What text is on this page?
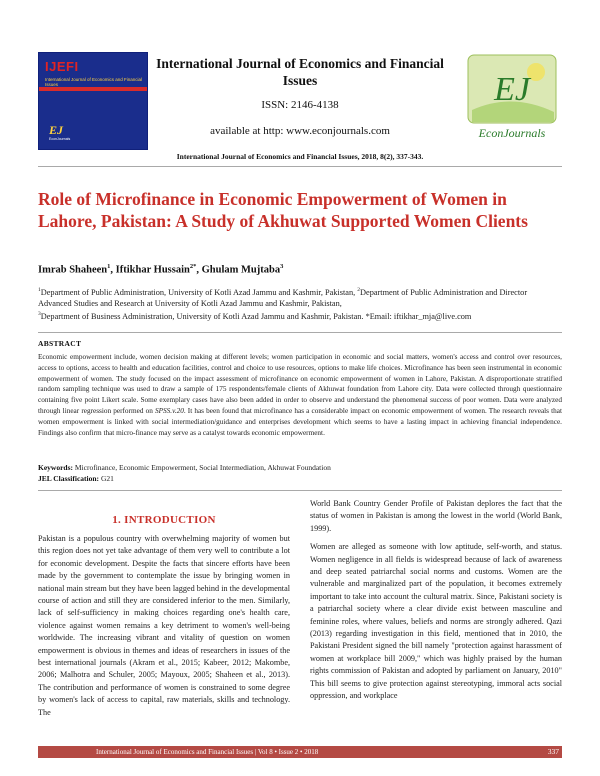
IJEFI
International Journal of Economics and Financial Issues
EJ
EconJournals
International Journal of Economics and Financial Issues
ISSN: 2146-4138
available at http: www.econjournals.com
International Journal of Economics and Financial Issues, 2018, 8(2), 337-343.
EJ
EconJournals
Role of Microfinance in Economic Empowerment of Women in Lahore, Pakistan: A Study of Akhuwat Supported Women Clients
Imrab Shaheen$^1$, Iftikhar Hussain$^{2*}$, Ghulam Mujtaba$^3$
$^1$Department of Public Administration, University of Kotli Azad Jammu and Kashmir, Pakistan, $^2$Department of Public Administration and Director Advanced Studies and Research at University of Kotli Azad Jammu and Kashmir, Pakistan,
$^3$Department of Business Administration, University of Kotli Azad Jammu and Kashmir, Pakistan. *Email: iftikhar_mja@live.com
ABSTRACT
Economic empowerment include, women decision making at different levels; women participation in economic and social matters, women's access and control over resources, access to options, access to health and education facilities, control and choice to use resources, options to make life choices. Microfinance has been seen instrumental in economic empowerment of women. The study focused on the impact assessment of microfinance on economic empowerment of women in Lahore, Pakistan. A disproportionate stratified random sampling technique was used to draw a sample of 175 respondents/female clients of Akhuwat foundation from Lahore city. Data were collected through questionnaire containing five point Likert scale. Some exemplary cases have also been added in order to observe and understand the phenomenal success of poor women. Data were analyzed through linear regression performed on SPSS.v.20. It has been found that microfinance has a considerable impact on economic empowerment of women. The research reveals that women empowerment is linked with social intermediation/guidance and enterprises development which seems to have a lasting impact in achieving financial independence. Findings also confirm that micro-finance may serve as a catalyst towards economic empowerment.
Keywords: Microfinance, Economic Empowerment, Social Intermediation, Akhuwat Foundation
JEL Classification: G21

World Bank Country Gender Profile of Pakistan deplores the fact that the status of women in Pakistan is among the lowest in the world (World Bank, 1999).

Women are alleged as someone with low aptitude, self-worth, and status. Women negligence in all fields is widespread because of lack of awareness and deep seated patriarchal social norms and customs. Women are the vulnerable and marginalized part of the population, it becomes extremely important to take into account the cultural matrix. Since, Pakistani society is a patriarchal society where a clear divide exist between masculine and feminine roles, where values, beliefs and norms are strongly adhered. Qazi (2013) regarding investigation in this field, mentioned that in 2010, the Pakistani President signed the bill namely "protection against harassment of women at workplace bill 2009," which was highly praised by the human rights commission of Pakistan and adopted by parliament on January, 2010" This bill seems to give protection against stereotyping, immoral acts social oppression, and workplace

1. INTRODUCTION

Pakistan is a populous country with overwhelming majority of women but this region does not yet take advantage of them very well to contribute a lot for economic development. Despite the facts that sincere efforts have been made by the government to contemplate the issue by bringing women in national main stream but they have been lagged behind in the developmental course of action and still they are considered inferior to the men. Similarly, lack of self-sufficiency in making choices regarding one's health care, violence against women remains a key detriment to women's well-being worldwide. The increasing vibrant and vitality of question on women empowerment is obvious in themes and ideas of researchers in issues of the best international journals (Akram et al., 2015; Kabeer, 2012; Makombe, 2006; Malhotra and Schuler, 2005; Mayoux, 2005; Shaheen et al., 2013). The contribution and performance of women is constrained to some degree by women's lack of access to capital, raw materials, skills and technology. The

International Journal of Economics and Financial Issues | Vol 8 • Issue 2 • 2018	337
